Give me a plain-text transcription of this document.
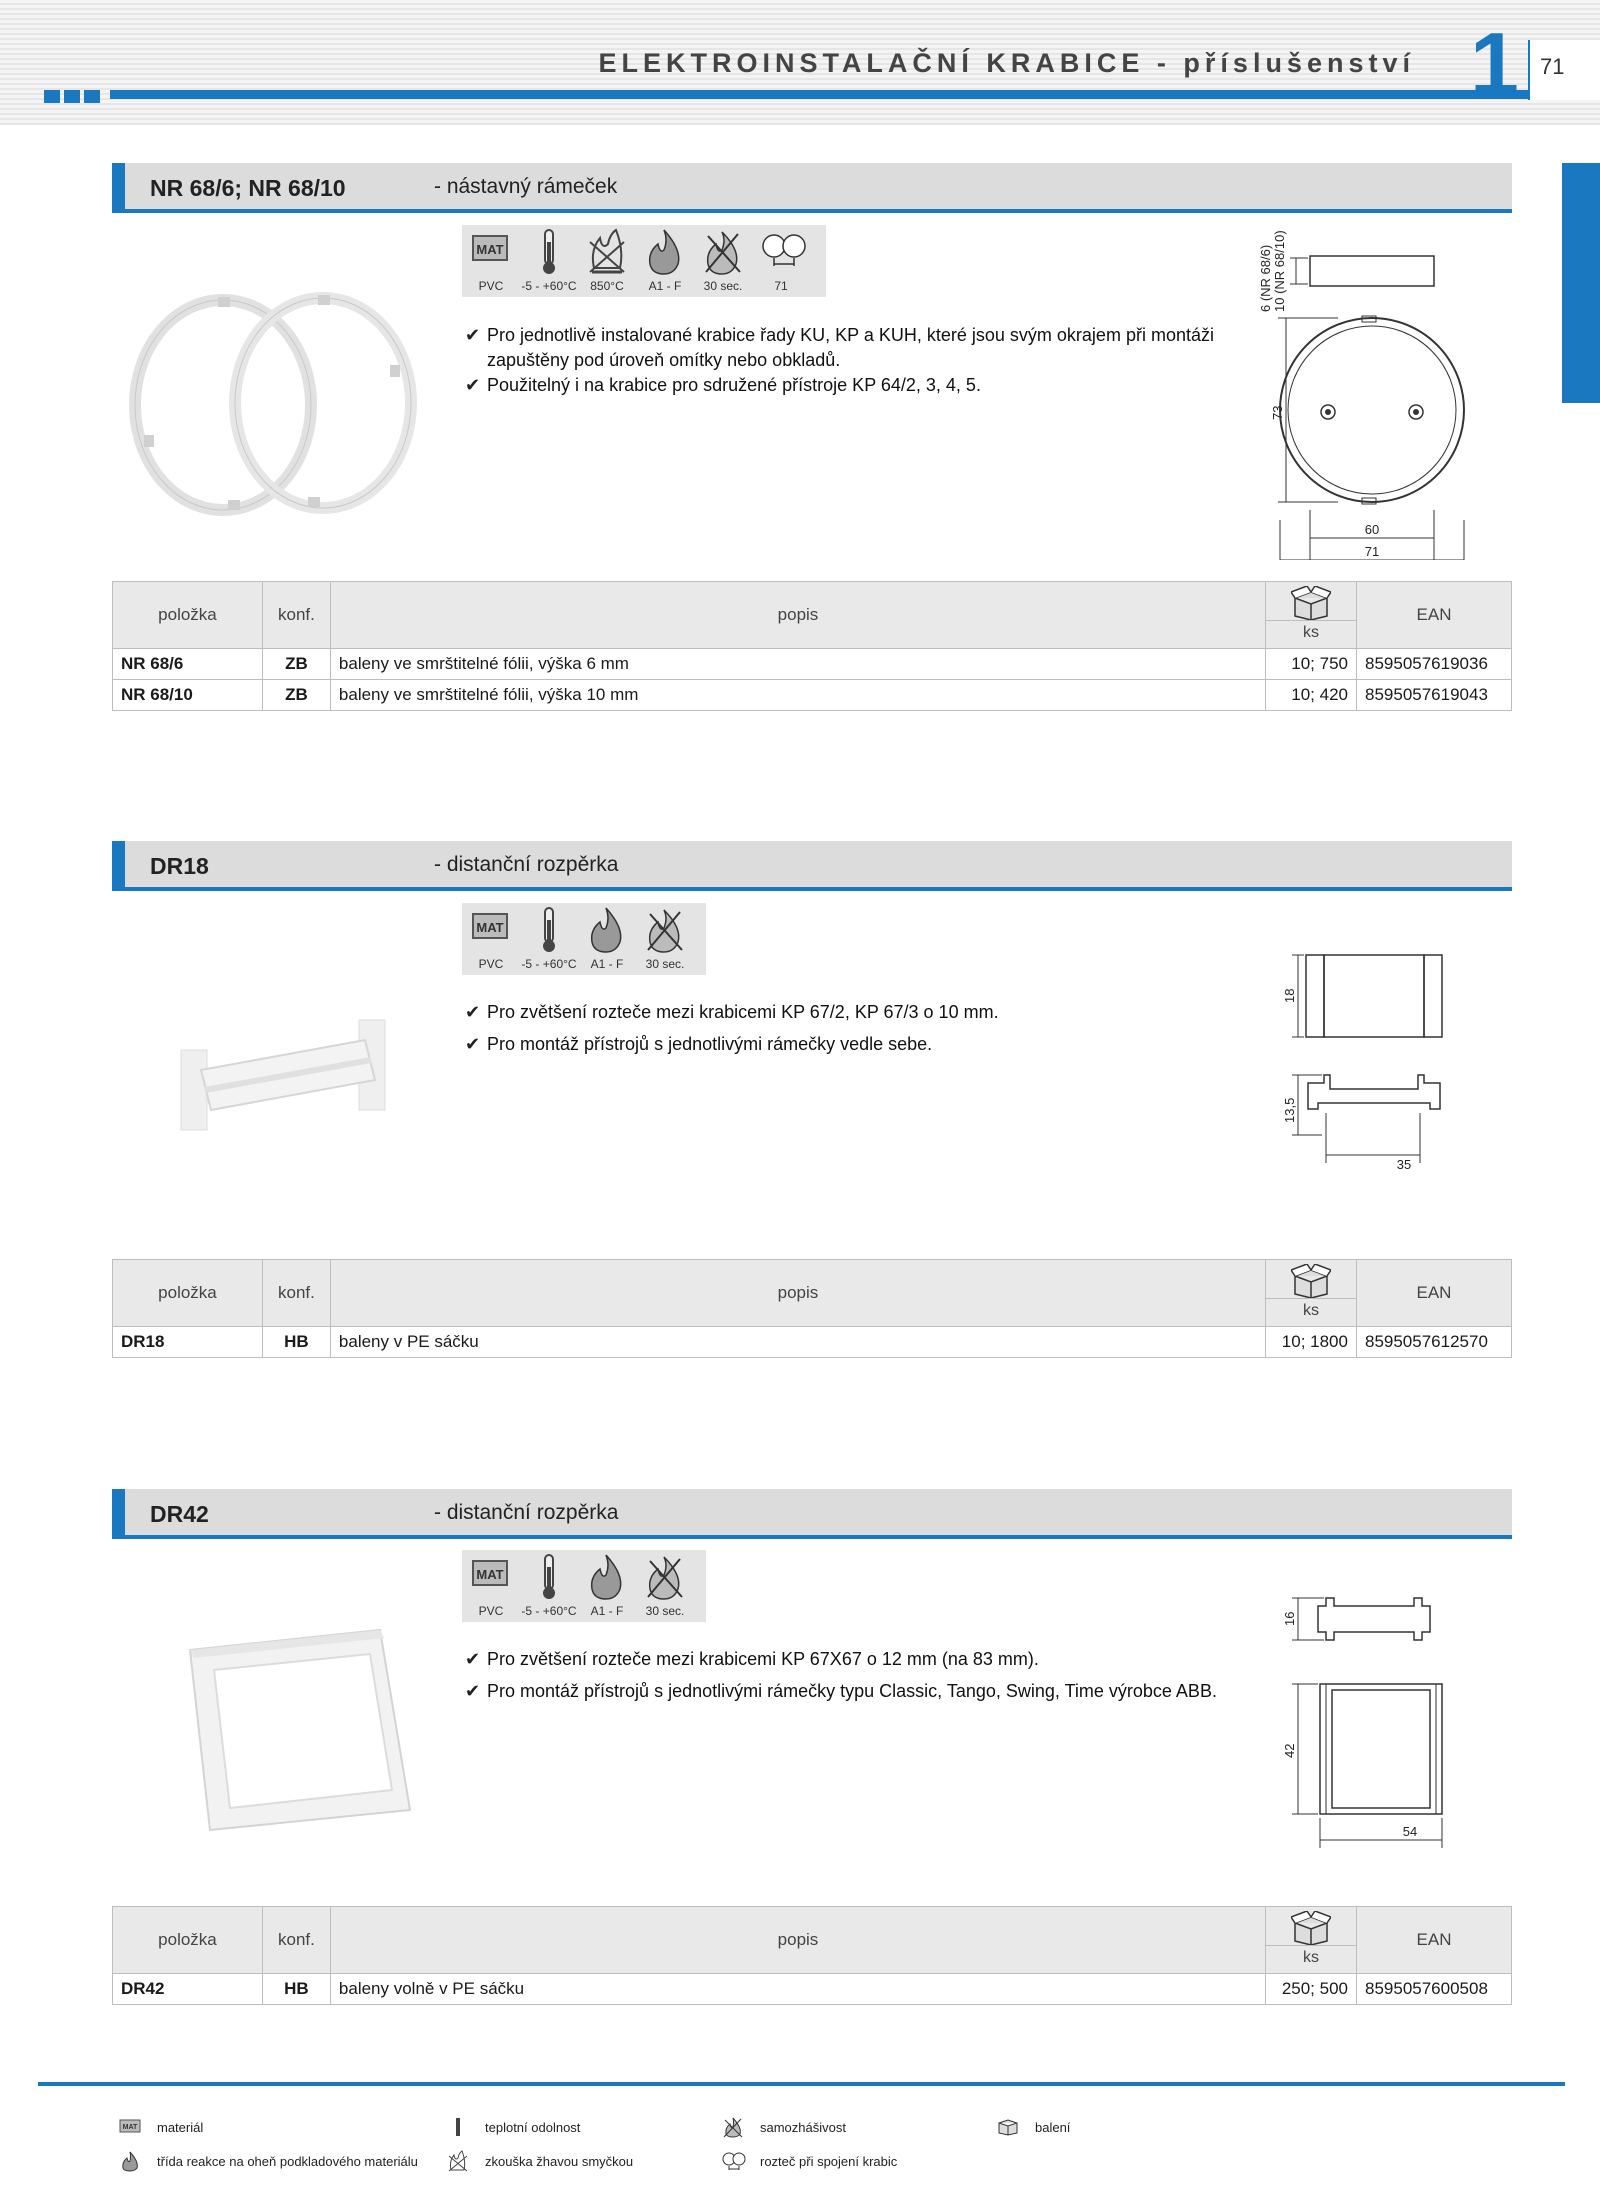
ELEKTROINSTALAČNÍ KRABICE - příslušenství 1 71
NR 68/6; NR 68/10	- nástavný rámeček
MAT
PVC	-5 - +60°C	850°C	A1 - F	30 sec.	71
✔ Pro jednotlivě instalované krabice řady KU, KP a KUH, které jsou svým okrajem při montáži
zapuštěny pod úroveň omítky nebo obkladů.
✔ Použitelný i na krabice pro sdružené přístroje KP 64/2, 3, 4, 5.
6 (NR 68/6) 10 (NR 68/10)
73
60
71
položka	konf.	popis	ks	EAN
NR 68/6	ZB	baleny ve smrštitelné fólii, výška 6 mm	10; 750	8595057619036
NR 68/10	ZB	baleny ve smrštitelné fólii, výška 10 mm	10; 420	8595057619043
DR18	- distanční rozpěrka
MAT
PVC	-5 - +60°C	A1 - F	30 sec.
✔ Pro zvětšení rozteče mezi krabicemi KP 67/2, KP 67/3 o 10 mm.
✔ Pro montáž přístrojů s jednotlivými rámečky vedle sebe.
18
13,5
35
položka	konf.	popis	ks	EAN
DR18	HB	baleny v PE sáčku	10; 1800	8595057612570
DR42	- distanční rozpěrka
MAT
PVC	-5 - +60°C	A1 - F	30 sec.
✔ Pro zvětšení rozteče mezi krabicemi KP 67X67 o 12 mm (na 83 mm).
✔ Pro montáž přístrojů s jednotlivými rámečky typu Classic, Tango, Swing, Time výrobce ABB.
16
42
54
položka	konf.	popis	ks	EAN
DR42	HB	baleny volně v PE sáčku	250; 500	8595057600508
MAT materiál	teplotní odolnost	samozhášivost	balení
třída reakce na oheň podkladového materiálu	zkouška žhavou smyčkou	rozteč při spojení krabic
